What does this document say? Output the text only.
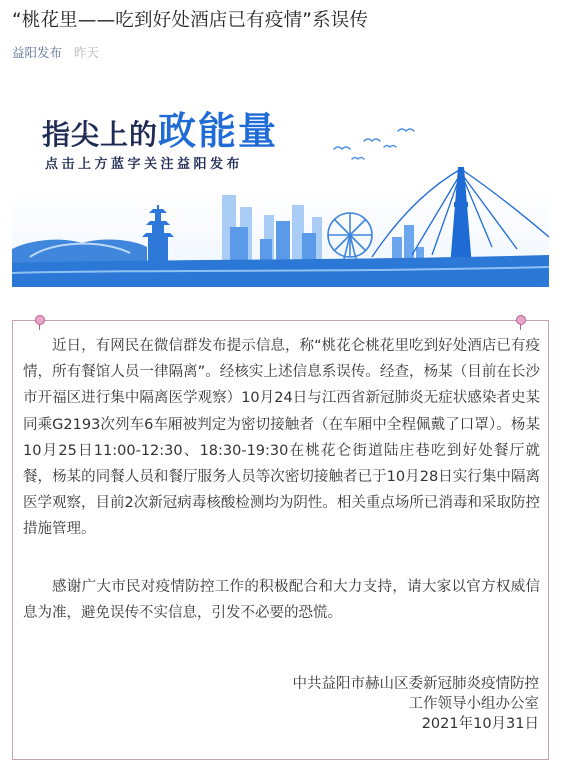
“桃花里——吃到好处酒店已有疫情”系误传
益阳发布 昨天
指尖上的政能量
点击上方蓝字关注益阳发布

近日，有网民在微信群发布提示信息，称“桃花仑桃花里吃到好处酒店已有疫情，所有餐馆人员一律隔离”。经核实上述信息系误传。经查，杨某（目前在长沙市开福区进行集中隔离医学观察）10月24日与江西省新冠肺炎无症状感染者史某同乘G2193次列车6车厢被判定为密切接触者（在车厢中全程佩戴了口罩）。杨某10月25日11:00-12:30、18:30-19:30在桃花仑街道陆庄巷吃到好处餐厅就餐，杨某的同餐人员和餐厅服务人员等次密切接触者已于10月28日实行集中隔离医学观察，目前2次新冠病毒核酸检测均为阴性。相关重点场所已消毒和采取防控措施管理。

感谢广大市民对疫情防控工作的积极配合和大力支持，请大家以官方权威信息为准，避免误传不实信息，引发不必要的恐慌。

中共益阳市赫山区委新冠肺炎疫情防控
工作领导小组办公室
2021年10月31日
